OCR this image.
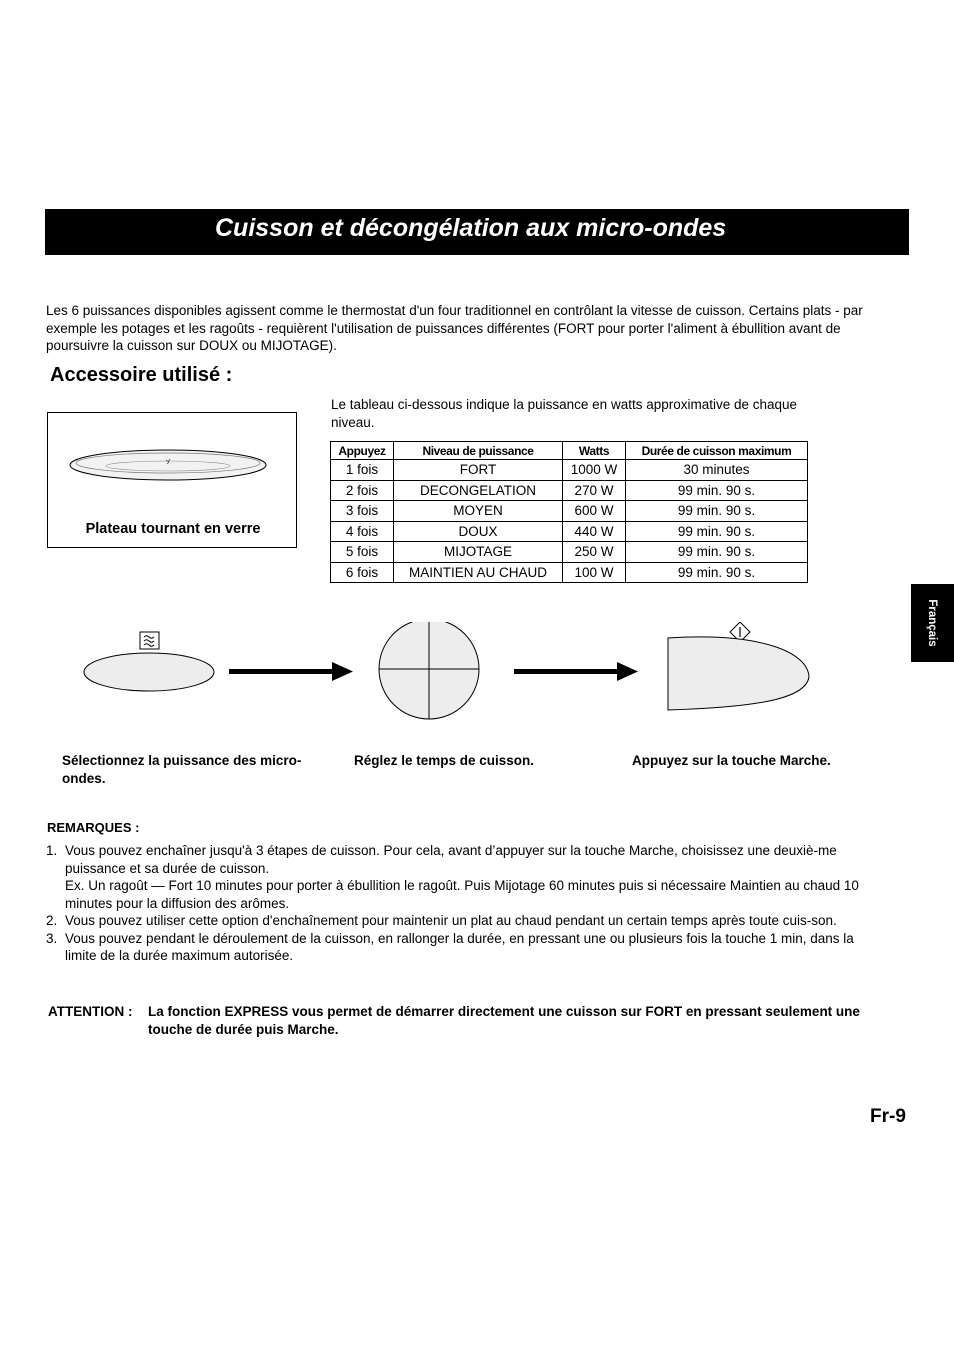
Cuisson et décongélation aux micro-ondes
Les 6 puissances disponibles agissent comme le thermostat d'un four traditionnel en contrôlant la vitesse de cuisson. Certains plats - par exemple les potages et les ragoûts - requièrent l'utilisation de puissances différentes (FORT pour porter l'aliment à ébullition avant de poursuivre la cuisson sur DOUX ou MIJOTAGE).
Accessoire utilisé :
Plateau tournant en verre
Le tableau ci-dessous indique la puissance en watts approximative de chaque niveau.
Appuyez	Niveau de puissance	Watts	Durée de cuisson maximum
1 fois	FORT	1000 W	30 minutes
2 fois	DECONGELATION	270 W	99 min. 90 s.
3 fois	MOYEN	600 W	99 min. 90 s.
4 fois	DOUX	440 W	99 min. 90 s.
5 fois	MIJOTAGE	250 W	99 min. 90 s.
6 fois	MAINTIEN AU CHAUD	100 W	99 min. 90 s.
Français
Sélectionnez la puissance des micro-ondes.
Réglez le temps de cuisson.	Appuyez sur la touche Marche.
REMARQUES :
1. Vous pouvez enchaîner jusqu'à 3 étapes de cuisson. Pour cela, avant d’appuyer sur la touche Marche, choisissez une deuxiè-me puissance et sa durée de cuisson.
Ex. Un ragoût — Fort 10 minutes pour porter à ébullition le ragoût. Puis Mijotage 60 minutes puis si nécessaire Maintien au chaud 10 minutes pour la diffusion des arômes.
2. Vous pouvez utiliser cette option d'enchaînement pour maintenir un plat au chaud pendant un certain temps après toute cuis-son.
3. Vous pouvez pendant le déroulement de la cuisson, en rallonger la durée, en pressant une ou plusieurs fois la touche 1 min, dans la limite de la durée maximum autorisée.
ATTENTION : La fonction EXPRESS vous permet de démarrer directement une cuisson sur FORT en pressant seulement une touche de durée puis Marche.
Fr-9
